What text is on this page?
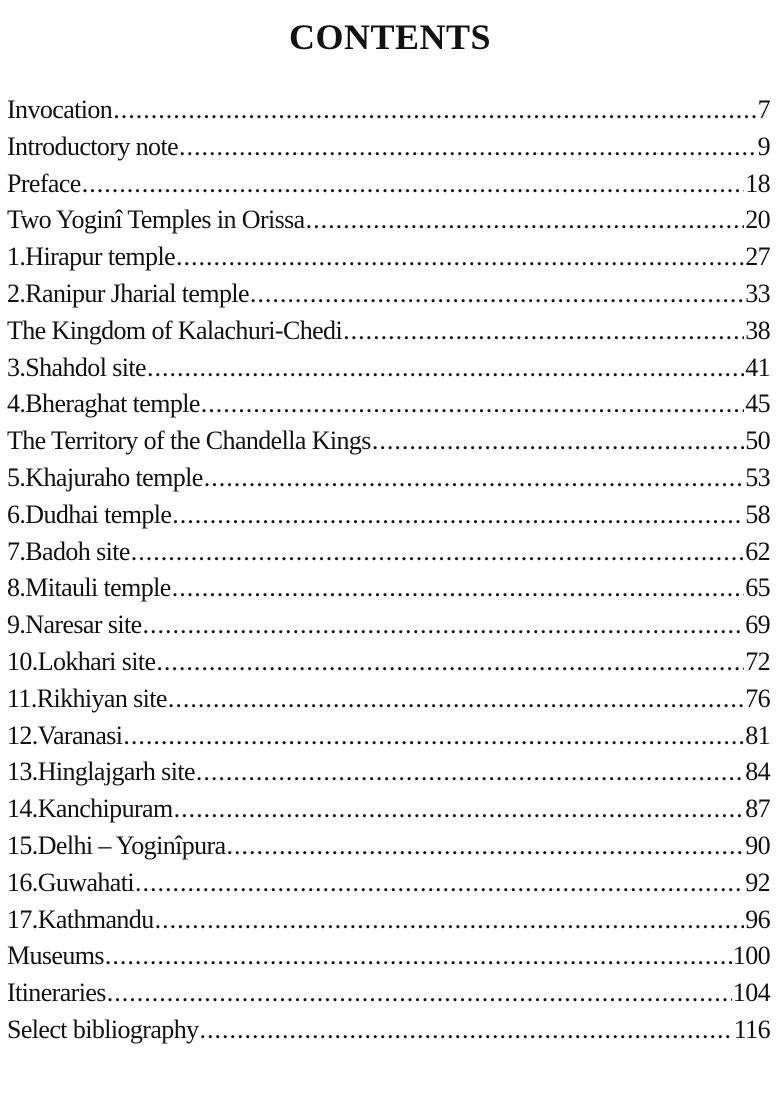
CONTENTS
Invocation .....	7
Introductory note .....	9
Preface .....	18
Two Yoginî Temples in Orissa .....	20
1.Hirapur temple .....	27
2.Ranipur Jharial temple .....	33
The Kingdom of Kalachuri-Chedi .....	38
3.Shahdol site .....	41
4.Bheraghat temple .....	45
The Territory of the Chandella Kings .....	50
5.Khajuraho temple .....	53
6.Dudhai temple .....	58
7.Badoh site .....	62
8.Mitauli temple .....	65
9.Naresar site .....	69
10.Lokhari site .....	72
11.Rikhiyan site .....	76
12.Varanasi .....	81
13.Hinglajgarh site .....	84
14.Kanchipuram .....	87
15.Delhi – Yoginîpura .....	90
16.Guwahati .....	92
17.Kathmandu .....	96
Museums .....	100
Itineraries .....	104
Select bibliography .....	116
